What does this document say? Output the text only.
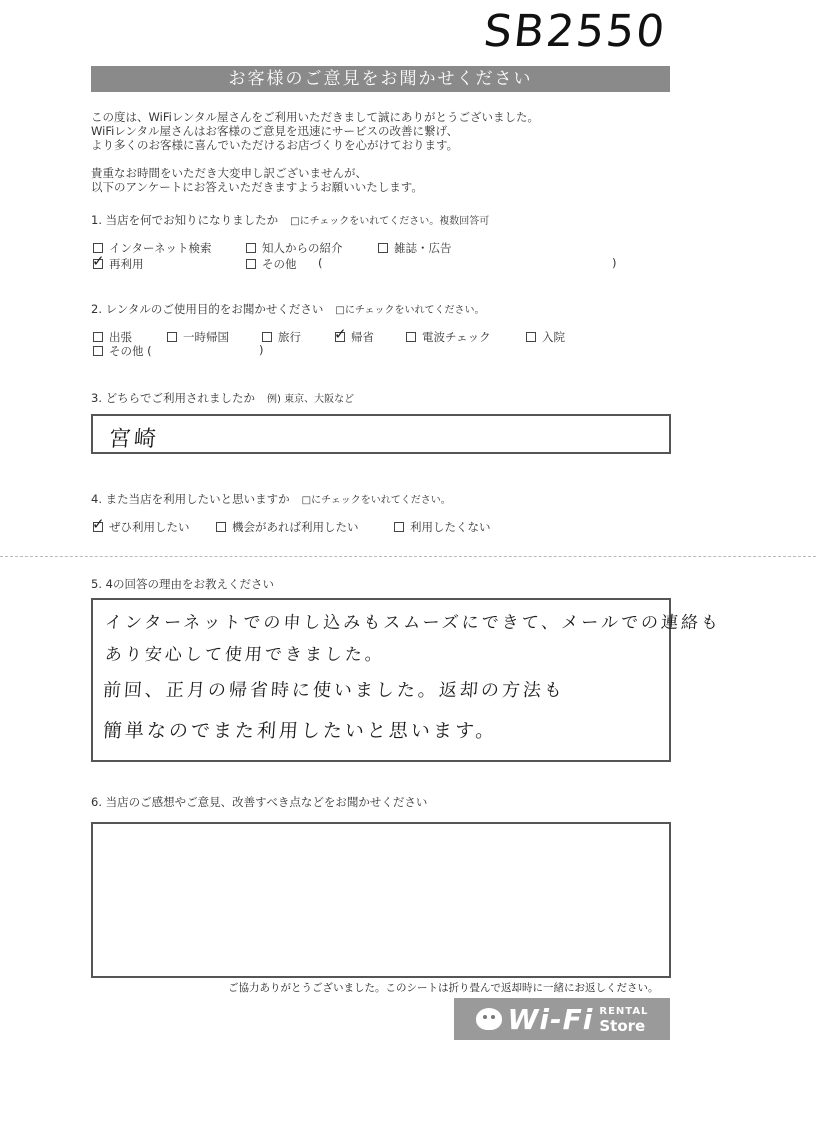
SB2550
お客様のご意見をお聞かせください

この度は、WiFiレンタル屋さんをご利用いただきまして誠にありがとうございました。

WiFiレンタル屋さんはお客様のご意見を迅速にサービスの改善に繋げ、

より多くのお客様に喜んでいただけるお店づくりを心がけております。

貴重なお時間をいただき大変申し訳ございませんが、

以下のアンケートにお答えいただきますようお願いいたします。

1. 当店を何でお知りになりましたか □にチェックをいれてください。複数回答可
インターネット検索	知人からの紹介	雑誌・広告
✓ 再利用	その他 (	)
2. レンタルのご使用目的をお聞かせください □にチェックをいれてください。
出張	一時帰国	旅行 ✓ 帰省	電波チェック	入院
その他 (	)
3. どちらでご利用されましたか 例) 東京、大阪など
宮崎
4. また当店を利用したいと思いますか □にチェックをいれてください。
✓ ぜひ利用したい	機会があれば利用したい	利用したくない
5. 4の回答の理由をお教えください
インターネットでの申し込みもスムーズにできて、メールでの連絡も
あり安心して使用できました。
前回、正月の帰省時に使いました。返却の方法も
簡単なのでまた利用したいと思います。
6. 当店のご感想やご意見、改善すべき点などをお聞かせください
ご協力ありがとうございました。このシートは折り畳んで返却時に一緒にお返しください。
Wi-Fi RENTAL
Store
